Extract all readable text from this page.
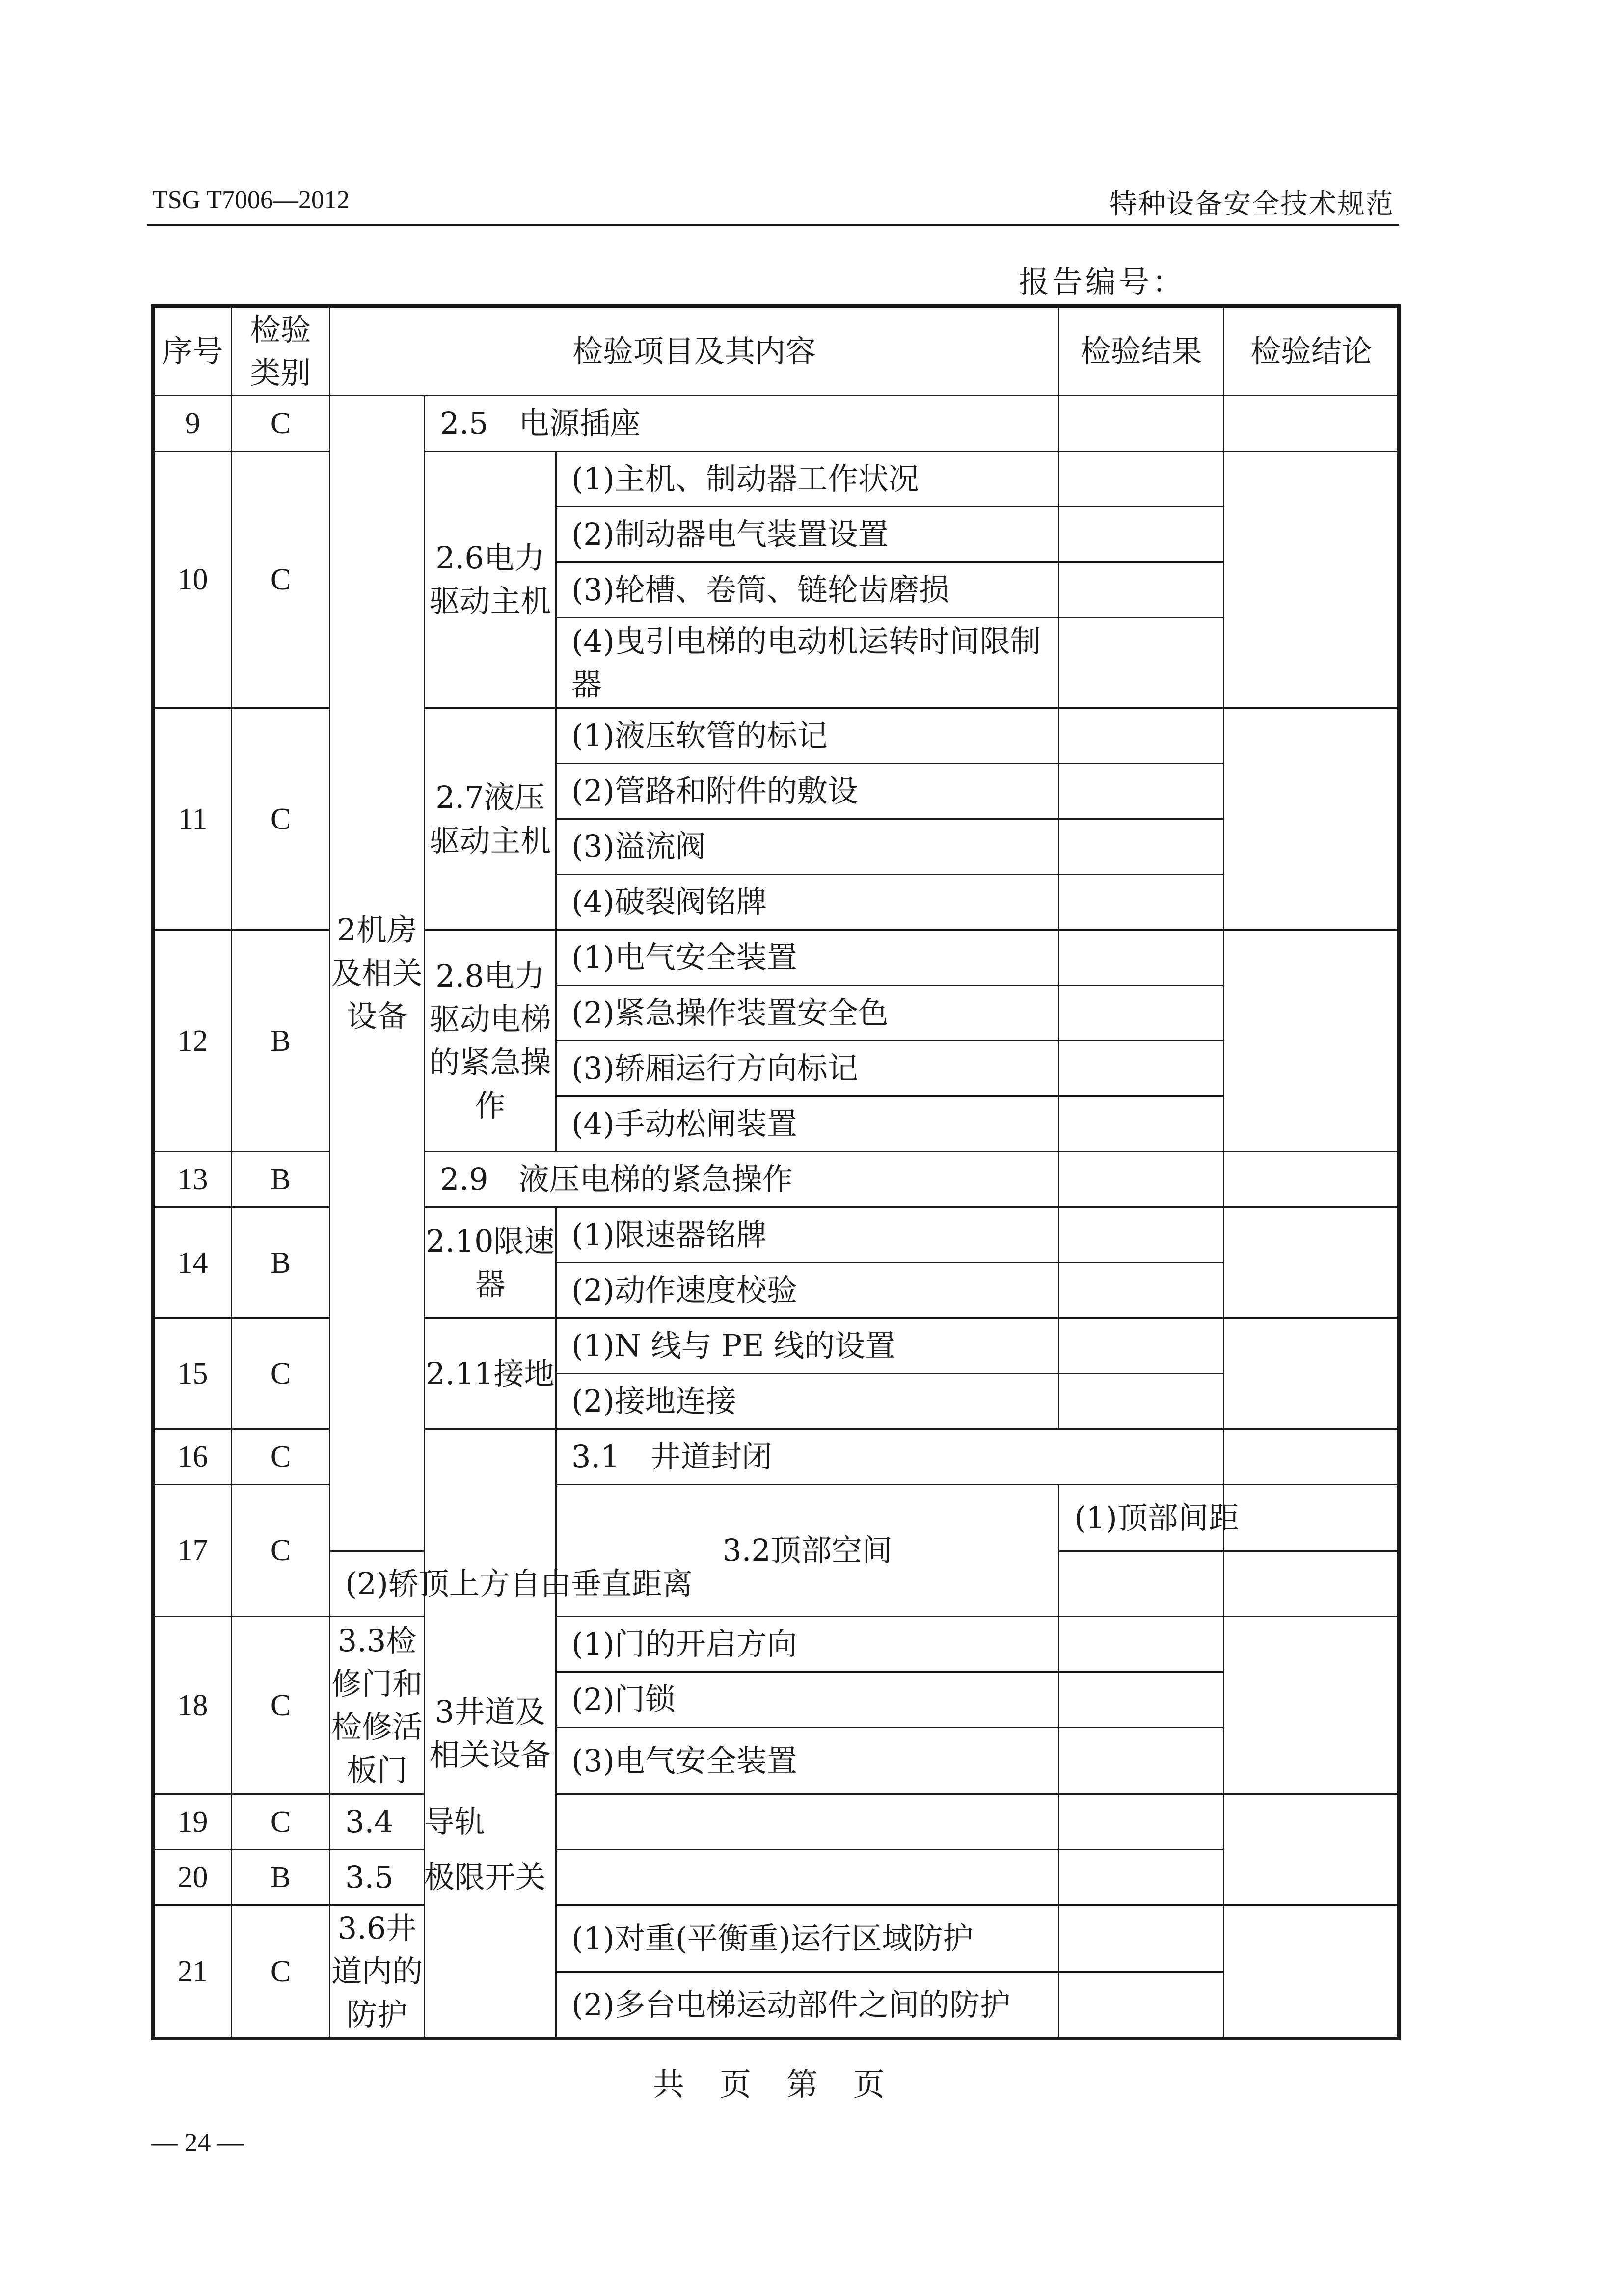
TSG T7006—2012	特种设备安全技术规范
报告编号：
序号	检验类别	检验项目及其内容			检验结果	检验结论	
9	C	2机房及相关设备	2.5　电源插座				
10	C		2.6电力驱动主机	(1)主机、制动器工作状况			
				(2)制动器电气装置设置			
				(3)轮槽、卷筒、链轮齿磨损			
				(4)曳引电梯的电动机运转时间限制器			
11	C		2.7液压驱动主机	(1)液压软管的标记			
				(2)管路和附件的敷设			
				(3)溢流阀			
				(4)破裂阀铭牌			
12	B		2.8电力驱动电梯的紧急操作	(1)电气安全装置			
				(2)紧急操作装置安全色			
				(3)轿厢运行方向标记			
				(4)手动松闸装置			
13	B		2.9　液压电梯的紧急操作				
14	B		2.10限速器	(1)限速器铭牌			
				(2)动作速度校验			
15	C		2.11接地	(1)N 线与 PE 线的设置			
				(2)接地连接			
16	C		3井道及相关设备	3.1　井道封闭			
17	C			3.2顶部空间	(1)顶部间距		
		(2)轿顶上方自由垂直距离					
18	C	3.3检修门和检修活板门		(1)门的开启方向			
				(2)门锁			
				(3)电气安全装置			
19	C	3.4　导轨					
20	B	3.5　极限开关					
21	C	3.6井道内的防护		(1)对重(平衡重)运行区域防护			
				(2)多台电梯运动部件之间的防护			
共　页　第　页
— 24 —
